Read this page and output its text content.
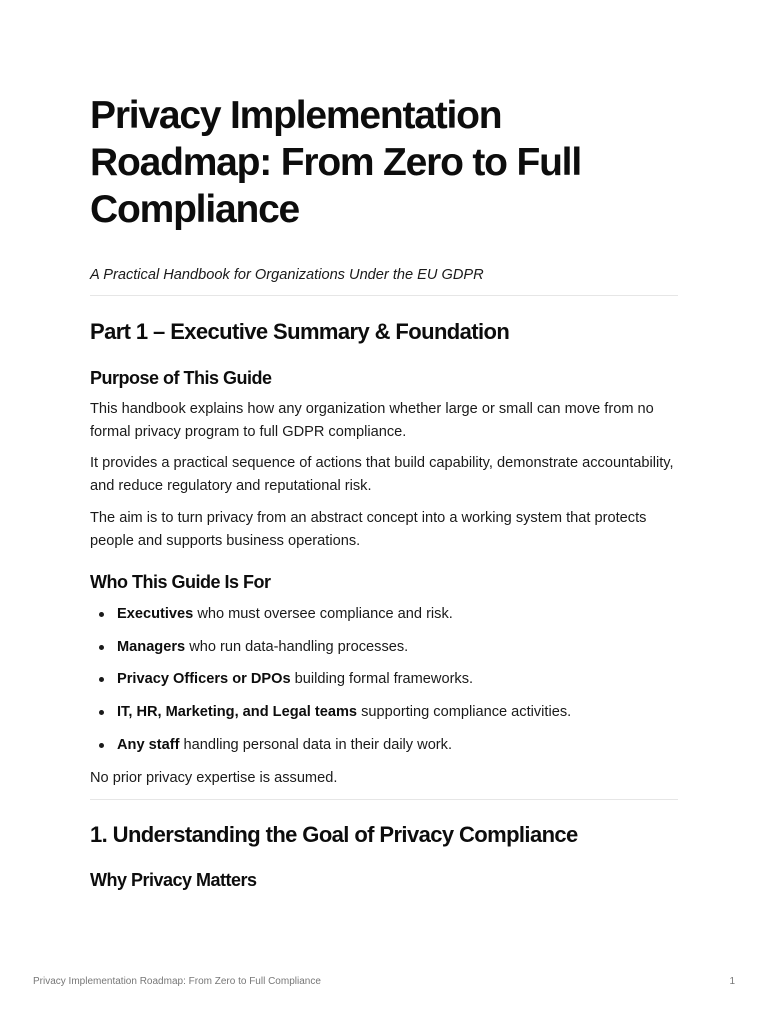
Privacy Implementation Roadmap: From Zero to Full Compliance

A Practical Handbook for Organizations Under the EU GDPR

Part 1 – Executive Summary & Foundation
Purpose of This Guide

This handbook explains how any organization whether large or small can move from no formal privacy program to full GDPR compliance.

It provides a practical sequence of actions that build capability, demonstrate accountability, and reduce regulatory and reputational risk.

The aim is to turn privacy from an abstract concept into a working system that protects people and supports business operations.

Who This Guide Is For
Executives who must oversee compliance and risk.
Managers who run data-handling processes.
Privacy Officers or DPOs building formal frameworks.
IT, HR, Marketing, and Legal teams supporting compliance activities.
Any staff handling personal data in their daily work.

No prior privacy expertise is assumed.

1. Understanding the Goal of Privacy Compliance
Why Privacy Matters
Privacy Implementation Roadmap: From Zero to Full Compliance	1
